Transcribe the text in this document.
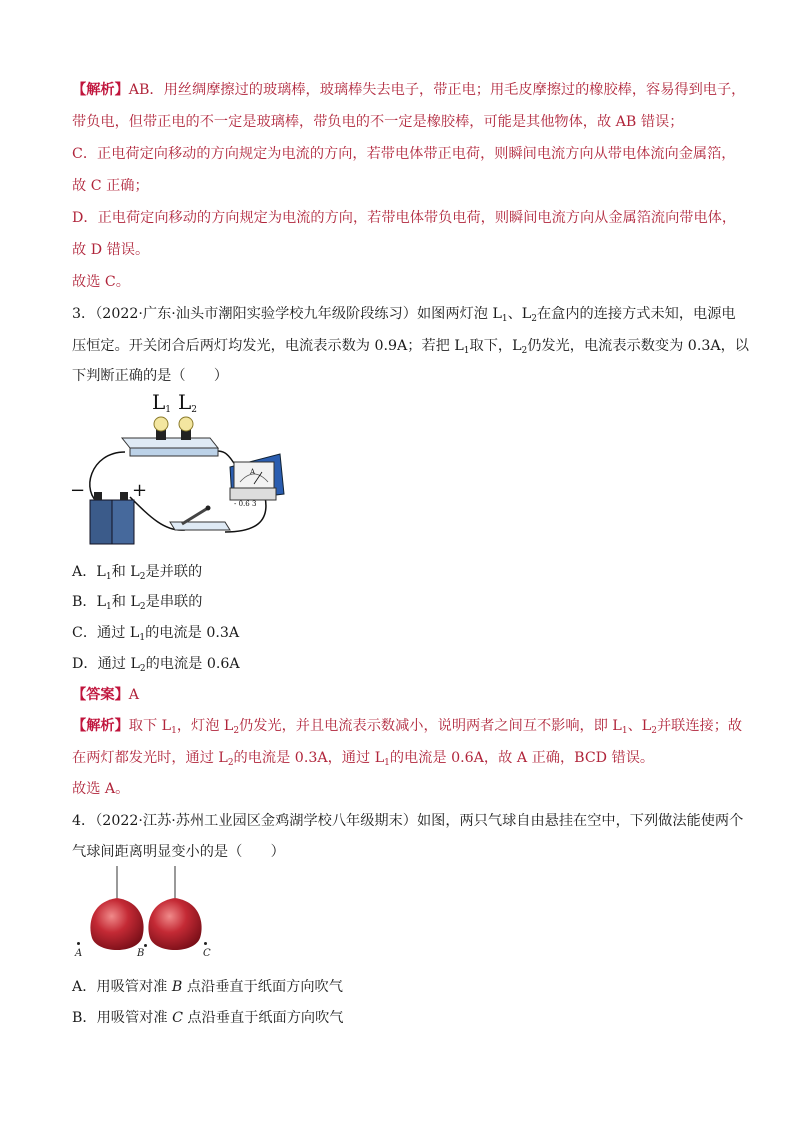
【解析】AB．用丝绸摩擦过的玻璃棒，玻璃棒失去电子，带正电；用毛皮摩擦过的橡胶棒，容易得到电子，
带负电，但带正电的不一定是玻璃棒，带负电的不一定是橡胶棒，可能是其他物体，故 AB 错误；
C．正电荷定向移动的方向规定为电流的方向，若带电体带正电荷，则瞬间电流方向从带电体流向金属箔，
故 C 正确；
D．正电荷定向移动的方向规定为电流的方向，若带电体带负电荷，则瞬间电流方向从金属箔流向带电体，
故 D 错误。
故选 C。
3．（2022·广东·汕头市潮阳实验学校九年级阶段练习）如图两灯泡 $L_1$、$L_2$在盒内的连接方式未知，电源电
压恒定。开关闭合后两灯均发光，电流表示数为 0.9A；若把 $L_1$取下，$L_2$仍发光，电流表示数变为 0.3A，以
下判断正确的是（　　）
$L_1$ $L_2$
−	+
A
- 0.6 3
A．$L_1$和 $L_2$是并联的
B．$L_1$和 $L_2$是串联的
C．通过 $L_1$的电流是 0.3A
D．通过 $L_2$的电流是 0.6A
【答案】A
【解析】取下 $L_1$，灯泡 $L_2$仍发光，并且电流表示数减小，说明两者之间互不影响，即 $L_1$、$L_2$并联连接；故
在两灯都发光时，通过 $L_2$的电流是 0.3A，通过 $L_1$的电流是 0.6A，故 A 正确，BCD 错误。
故选 A。
4．（2022·江苏·苏州工业园区金鸡湖学校八年级期末）如图，两只气球自由悬挂在空中，下列做法能使两个
气球间距离明显变小的是（　　）
A	B	C
A．用吸管对准 B 点沿垂直于纸面方向吹气
B．用吸管对准 C 点沿垂直于纸面方向吹气
